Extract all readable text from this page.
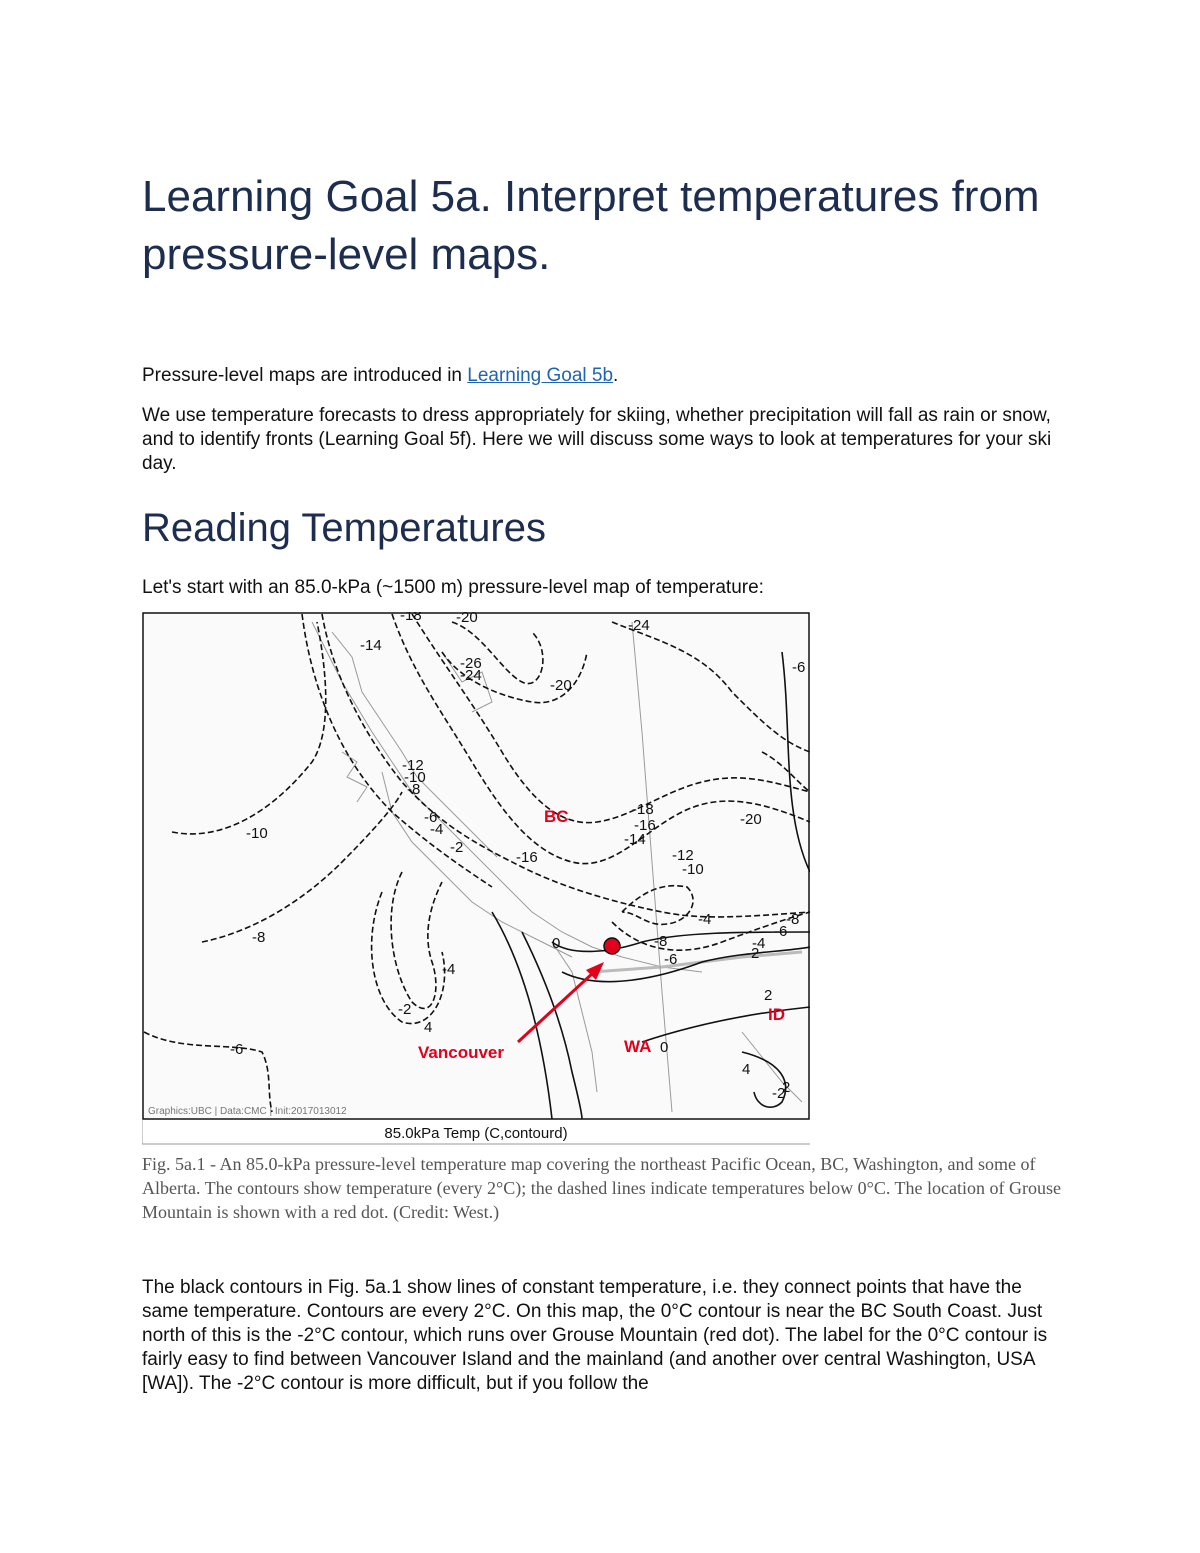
Learning Goal 5a. Interpret temperatures from pressure-level maps.

Pressure-level maps are introduced in Learning Goal 5b.

We use temperature forecasts to dress appropriately for skiing, whether precipitation will fall as rain or snow, and to identify fronts (Learning Goal 5f). Here we will discuss some ways to look at temperatures for your ski day.

Reading Temperatures

Let's start with an 85.0-kPa (~1500 m) pressure-level map of temperature:

85.0kPa Temp (C,contourd)
Graphics:UBC | Data:CMC | Init:2017013012
-18 -20
-26
-24
-24
-20
-14
-12
-10
-8
-6
-4
-2
-10
-8
-6
-16
-18
-16
-14
-12
-10
-20
-8
-6
-4
-8
-6
-4
-2
0
2
4
0
-2
-4
-2
-6
4
2
BC
WA
ID
Vancouver
Fig. 5a.1 - An 85.0-kPa pressure-level temperature map covering the northeast Pacific Ocean, BC, Washington, and some of Alberta. The contours show temperature (every 2°C); the dashed lines indicate temperatures below 0°C. The location of Grouse Mountain is shown with a red dot. (Credit: West.)

The black contours in Fig. 5a.1 show lines of constant temperature, i.e. they connect points that have the same temperature. Contours are every 2°C. On this map, the 0°C contour is near the BC South Coast. Just north of this is the -2°C contour, which runs over Grouse Mountain (red dot). The label for the 0°C contour is fairly easy to find between Vancouver Island and the mainland (and another over central Washington, USA [WA]). The -2°C contour is more difficult, but if you follow the
